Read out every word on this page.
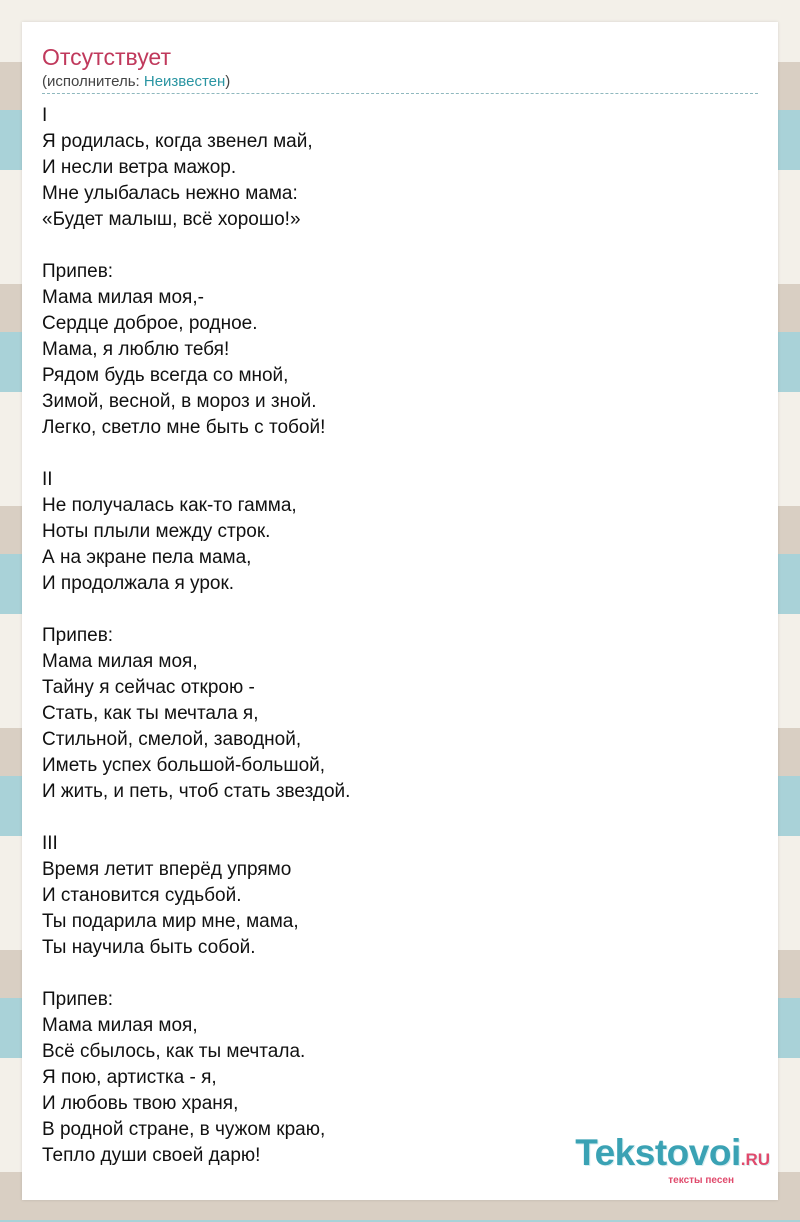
Отсутствует
(исполнитель: Неизвестен)
I
Я родилась, когда звенел май,
И несли ветра мажор.
Мне улыбалась нежно мама:
«Будет малыш, всё хорошо!»
Припев:
Мама милая моя,-
Сердце доброе, родное.
Мама, я люблю тебя!
Рядом будь всегда со мной,
Зимой, весной, в мороз и зной.
Легко, светло мне быть с тобой!
II
Не получалась как-то гамма,
Ноты плыли между строк.
А на экране пела мама,
И продолжала я урок.
Припев:
Мама милая моя,
Тайну я сейчас открою -
Стать, как ты мечтала я,
Стильной, смелой, заводной,
Иметь успех большой-большой,
И жить, и петь, чтоб стать звездой.
III
Время летит вперёд упрямо
И становится судьбой.
Ты подарила мир мне, мама,
Ты научила быть собой.
Припев:
Мама милая моя,
Всё сбылось, как ты мечтала.
Я пою, артистка - я,
И любовь твою храня,
В родной стране, в чужом краю,
Тепло души своей дарю!	Tekstovoi.RU
тексты песен
